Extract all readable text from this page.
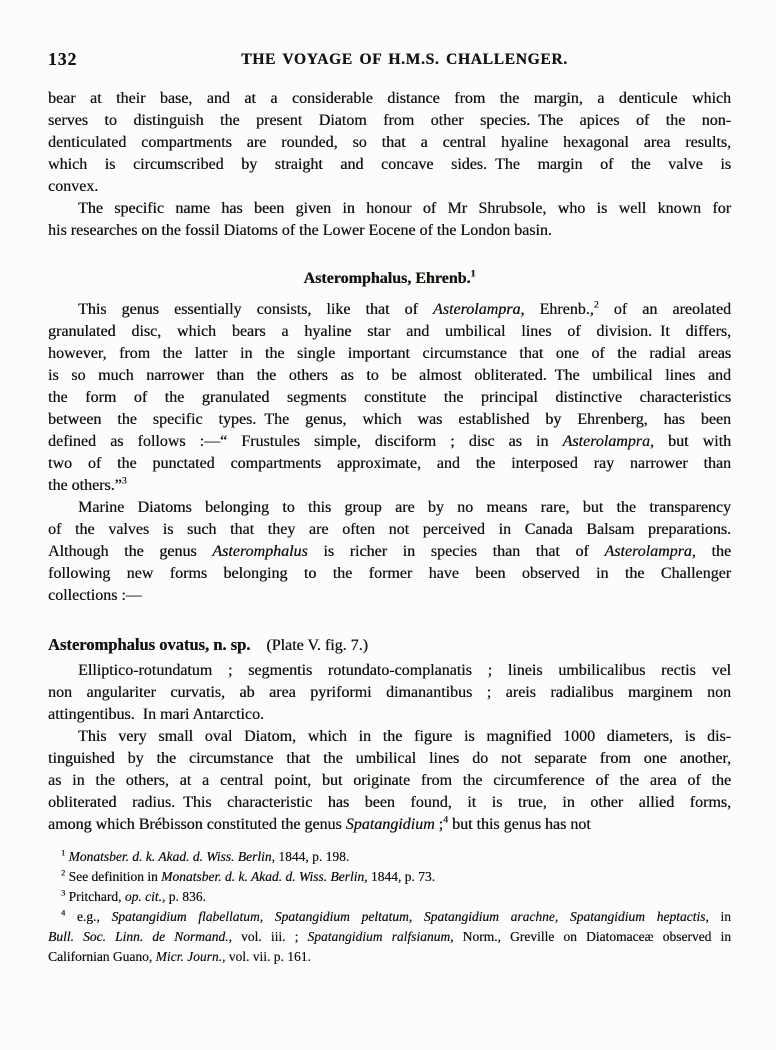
132	THE VOYAGE OF H.M.S. CHALLENGER.
bear at their base, and at a considerable distance from the margin, a denticule which
serves to distinguish the present Diatom from other species. The apices of the non-
denticulated compartments are rounded, so that a central hyaline hexagonal area results,
which is circumscribed by straight and concave sides. The margin of the valve is
convex.
The specific name has been given in honour of Mr Shrubsole, who is well known for
his researches on the fossil Diatoms of the Lower Eocene of the London basin.
Asteromphalus, Ehrenb.$^1$
This genus essentially consists, like that of Asterolampra, Ehrenb.,$^2$ of an areolated
granulated disc, which bears a hyaline star and umbilical lines of division. It differs,
however, from the latter in the single important circumstance that one of the radial areas
is so much narrower than the others as to be almost obliterated. The umbilical lines and
the form of the granulated segments constitute the principal distinctive characteristics
between the specific types. The genus, which was established by Ehrenberg, has been
defined as follows :—“ Frustules simple, disciform ; disc as in Asterolampra, but with
two of the punctated compartments approximate, and the interposed ray narrower than
the others.”$^3$
Marine Diatoms belonging to this group are by no means rare, but the transparency
of the valves is such that they are often not perceived in Canada Balsam preparations.
Although the genus Asteromphalus is richer in species than that of Asterolampra, the
following new forms belonging to the former have been observed in the Challenger
collections :—
Asteromphalus ovatus, n. sp.  (Plate V. fig. 7.)
Elliptico-rotundatum ; segmentis rotundato-complanatis ; lineis umbilicalibus rectis vel
non angulariter curvatis, ab area pyriformi dimanantibus ; areis radialibus marginem non
attingentibus. In mari Antarctico.
This very small oval Diatom, which in the figure is magnified 1000 diameters, is dis-
tinguished by the circumstance that the umbilical lines do not separate from one another,
as in the others, at a central point, but originate from the circumference of the area of the
obliterated radius. This characteristic has been found, it is true, in other allied forms,
among which Brébisson constituted the genus Spatangidium ;$^4$ but this genus has not
$^1$ Monatsber. d. k. Akad. d. Wiss. Berlin, 1844, p. 198.
$^2$ See definition in Monatsber. d. k. Akad. d. Wiss. Berlin, 1844, p. 73.
$^3$ Pritchard, op. cit., p. 836.
$^4$ e.g., Spatangidium flabellatum, Spatangidium peltatum, Spatangidium arachne, Spatangidium heptactis, in
Bull. Soc. Linn. de Normand., vol. iii. ; Spatangidium ralfsianum, Norm., Greville on Diatomaceæ observed in
Californian Guano, Micr. Journ., vol. vii. p. 161.
